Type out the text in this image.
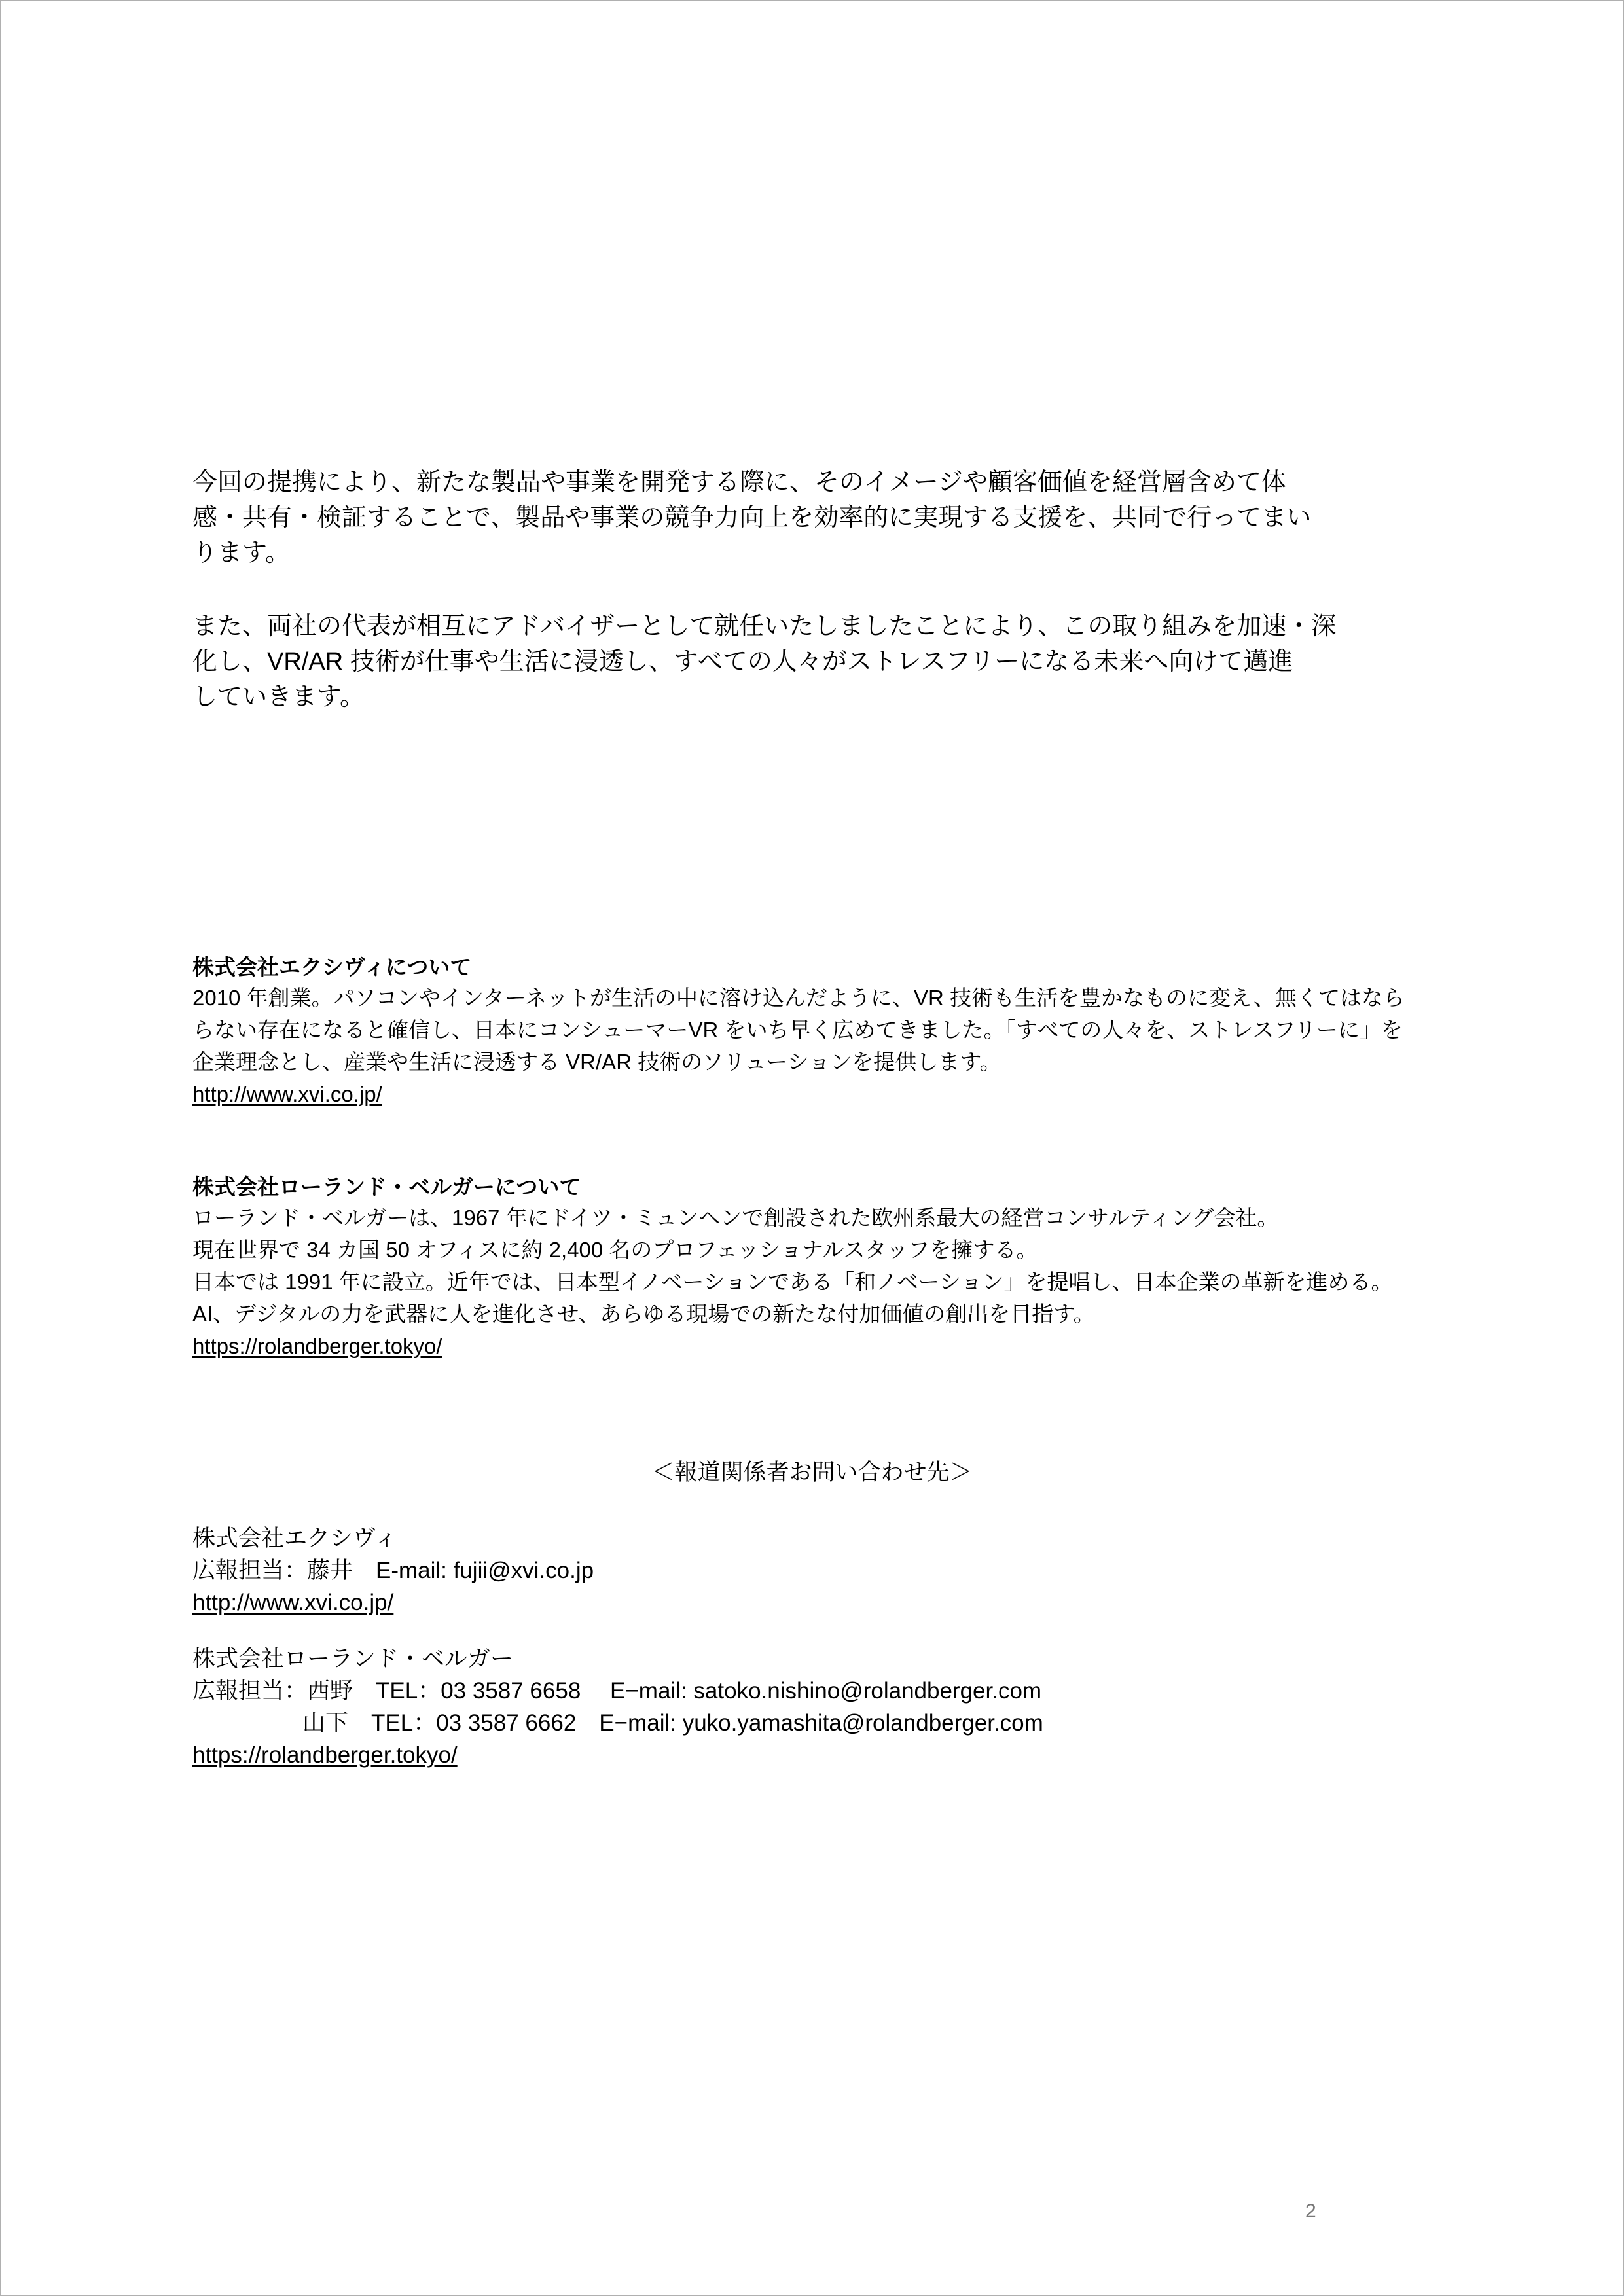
今回の提携により、新たな製品や事業を開発する際に、そのイメージや顧客価値を経営層含めて体
感・共有・検証することで、製品や事業の競争力向上を効率的に実現する支援を、共同で行ってまい
ります。
また、両社の代表が相互にアドバイザーとして就任いたしましたことにより、この取り組みを加速・深
化し、VR/AR 技術が仕事や生活に浸透し、すべての人々がストレスフリーになる未来へ向けて邁進
していきます。
株式会社エクシヴィについて
2010 年創業。パソコンやインターネットが生活の中に溶け込んだように、VR 技術も生活を豊かなものに変え、無くてはなら
らない存在になると確信し、日本にコンシューマーVR をいち早く広めてきました。「すべての人々を、ストレスフリーに」を
企業理念とし、産業や生活に浸透する VR/AR 技術のソリューションを提供します。
http://www.xvi.co.jp/
株式会社ローランド・ベルガーについて
ローランド・ベルガーは、1967 年にドイツ・ミュンヘンで創設された欧州系最大の経営コンサルティング会社。
現在世界で 34 カ国 50 オフィスに約 2,400 名のプロフェッショナルスタッフを擁する。
日本では 1991 年に設立。近年では、日本型イノベーションである「和ノベーション」を提唱し、日本企業の革新を進める。
AI、デジタルの力を武器に人を進化させ、あらゆる現場での新たな付加価値の創出を目指す。
https://rolandberger.tokyo/
＜報道関係者お問い合わせ先＞
株式会社エクシヴィ
広報担当：藤井　E-mail: fujii@xvi.co.jp
http://www.xvi.co.jp/
株式会社ローランド・ベルガー
広報担当：西野　TEL：03 3587 6658　 E−mail: satoko.nishino@rolandberger.com
山下　TEL：03 3587 6662　E−mail: yuko.yamashita@rolandberger.com
https://rolandberger.tokyo/
2
